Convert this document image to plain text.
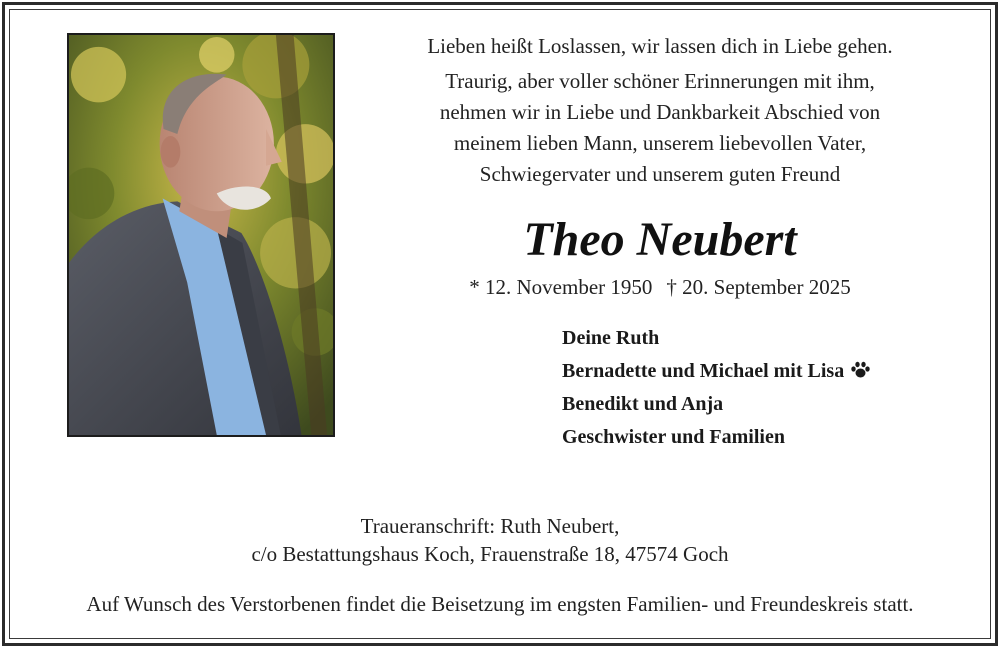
Lieben heißt Loslassen, wir lassen dich in Liebe gehen.
Traurig, aber voller schöner Erinnerungen mit ihm,
nehmen wir in Liebe und Dankbarkeit Abschied von
meinem lieben Mann, unserem liebevollen Vater,
Schwiegervater und unserem guten Freund
Theo Neubert
* 12. November 1950 † 20. September 2025
Deine Ruth
Bernadette und Michael mit Lisa
Benedikt und Anja
Geschwister und Familien
Traueranschrift: Ruth Neubert,
c/o Bestattungshaus Koch, Frauenstraße 18, 47574 Goch
Auf Wunsch des Verstorbenen findet die Beisetzung im engsten Familien- und Freundeskreis statt.
